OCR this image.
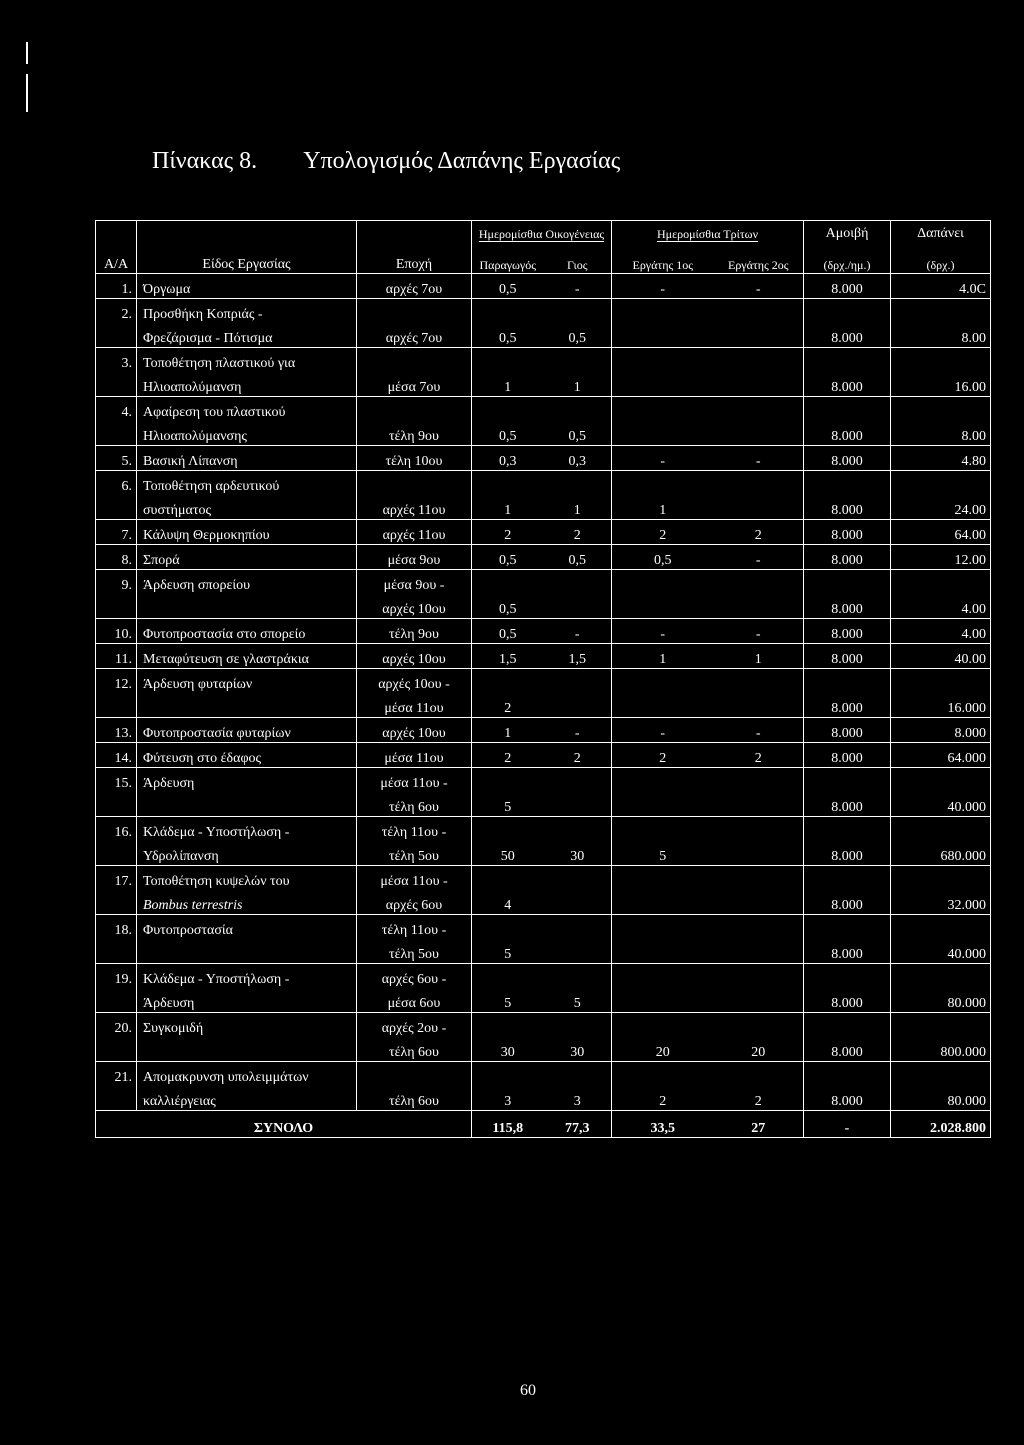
Πίνακας 8. Υπολογισμός Δαπάνης Εργασίας
			Ημερομίσθια Οικογένειας		Ημερομίσθια Τρίτων		Αμοιβή	Δαπάνει
Α/Α	Είδος Εργασίας	Εποχή	Παραγωγός	Γιος	Εργάτης 1ος	Εργάτης 2ος	(δρχ./ημ.)	(δρχ.)
1.	Όργωμα	αρχές 7ου	0,5	-	-	-	8.000	4.0C
2.	Προσθήκη Κοπριάς -							
	Φρεζάρισμα - Πότισμα	αρχές 7ου	0,5	0,5			8.000	8.00
3.	Τοποθέτηση πλαστικού για							
	Ηλιοαπολύμανση	μέσα 7ου	1	1			8.000	16.00
4.	Αφαίρεση του πλαστικού							
	Ηλιοαπολύμανσης	τέλη 9ου	0,5	0,5			8.000	8.00
5.	Βασική Λίπανση	τέλη 10ου	0,3	0,3	-	-	8.000	4.80
6.	Τοποθέτηση αρδευτικού							
	συστήματος	αρχές 11ου	1	1	1		8.000	24.00
7.	Κάλυψη Θερμοκηπίου	αρχές 11ου	2	2	2	2	8.000	64.00
8.	Σπορά	μέσα 9ου	0,5	0,5	0,5	-	8.000	12.00
9.	Άρδευση σπορείου	μέσα 9ου -						
		αρχές 10ου	0,5				8.000	4.00
10.	Φυτοπροστασία στο σπορείο	τέλη 9ου	0,5	-	-	-	8.000	4.00
11.	Μεταφύτευση σε γλαστράκια	αρχές 10ου	1,5	1,5	1	1	8.000	40.00
12.	Άρδευση φυταρίων	αρχές 10ου -						
		μέσα 11ου	2				8.000	16.000
13.	Φυτοπροστασία φυταρίων	αρχές 10ου	1	-	-	-	8.000	8.000
14.	Φύτευση στο έδαφος	μέσα 11ου	2	2	2	2	8.000	64.000
15.	Άρδευση	μέσα 11ου -						
		τέλη 6ου	5				8.000	40.000
16.	Κλάδεμα - Υποστήλωση -	τέλη 11ου -						
	Υδρολίπανση	τέλη 5ου	50	30	5		8.000	680.000
17.	Τοποθέτηση κυψελών του	μέσα 11ου -						
	Bombus terrestris	αρχές 6ου	4				8.000	32.000
18.	Φυτοπροστασία	τέλη 11ου -						
		τέλη 5ου	5				8.000	40.000
19.	Κλάδεμα - Υποστήλωση -	αρχές 6ου -						
	Άρδευση	μέσα 6ου	5	5			8.000	80.000
20.	Συγκομιδή	αρχές 2ου -						
		τέλη 6ου	30	30	20	20	8.000	800.000
21.	Απομακρυνση υπολειμμάτων							
	καλλιέργειας	τέλη 6ου	3	3	2	2	8.000	80.000
ΣΥΝΟΛΟ			115,8	77,3	33,5	27	-	2.028.800
60
